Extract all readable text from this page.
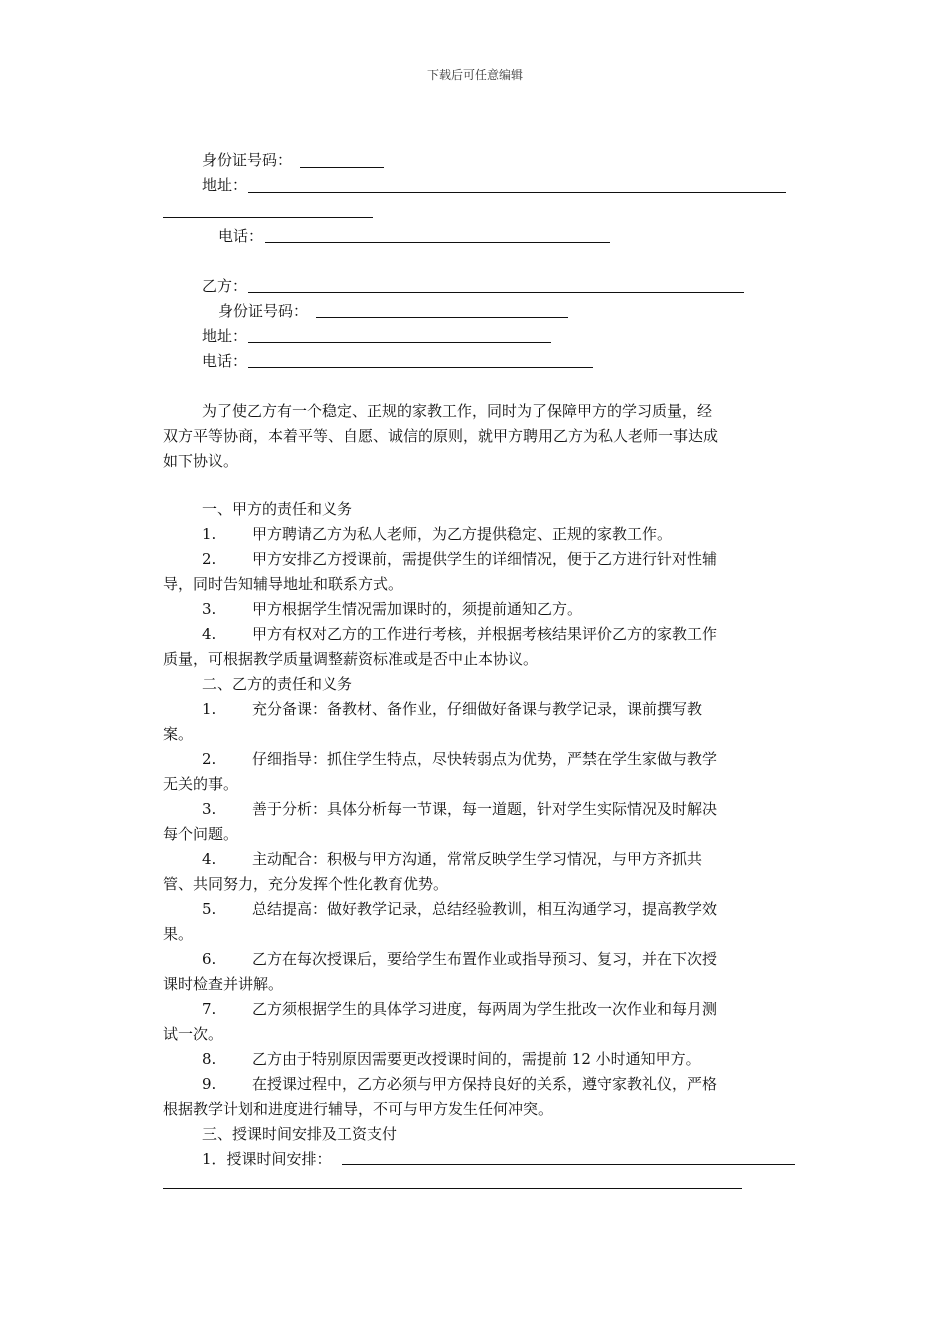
下载后可任意编辑
身份证号码：
地址：
电话：
乙方：
身份证号码：
地址：
电话：
为了使乙方有一个稳定、正规的家教工作，同时为了保障甲方的学习质量，经
双方平等协商，本着平等、自愿、诚信的原则，就甲方聘用乙方为私人老师一事达成
如下协议。
一、甲方的责任和义务
1. 甲方聘请乙方为私人老师，为乙方提供稳定、正规的家教工作。
2. 甲方安排乙方授课前，需提供学生的详细情况，便于乙方进行针对性辅
导，同时告知辅导地址和联系方式。
3. 甲方根据学生情况需加课时的，须提前通知乙方。
4. 甲方有权对乙方的工作进行考核，并根据考核结果评价乙方的家教工作
质量，可根据教学质量调整薪资标准或是否中止本协议。
二、乙方的责任和义务
1. 充分备课：备教材、备作业，仔细做好备课与教学记录，课前撰写教
案。
2. 仔细指导：抓住学生特点，尽快转弱点为优势，严禁在学生家做与教学
无关的事。
3. 善于分析：具体分析每一节课，每一道题，针对学生实际情况及时解决
每个问题。
4. 主动配合：积极与甲方沟通，常常反映学生学习情况，与甲方齐抓共
管、共同努力，充分发挥个性化教育优势。
5. 总结提高：做好教学记录，总结经验教训，相互沟通学习，提高教学效
果。
6. 乙方在每次授课后，要给学生布置作业或指导预习、复习，并在下次授
课时检查并讲解。
7. 乙方须根据学生的具体学习进度，每两周为学生批改一次作业和每月测
试一次。
8. 乙方由于特别原因需要更改授课时间的，需提前 12 小时通知甲方。
9. 在授课过程中，乙方必须与甲方保持良好的关系，遵守家教礼仪，严格
根据教学计划和进度进行辅导，不可与甲方发生任何冲突。
三、授课时间安排及工资支付
1．授课时间安排：
